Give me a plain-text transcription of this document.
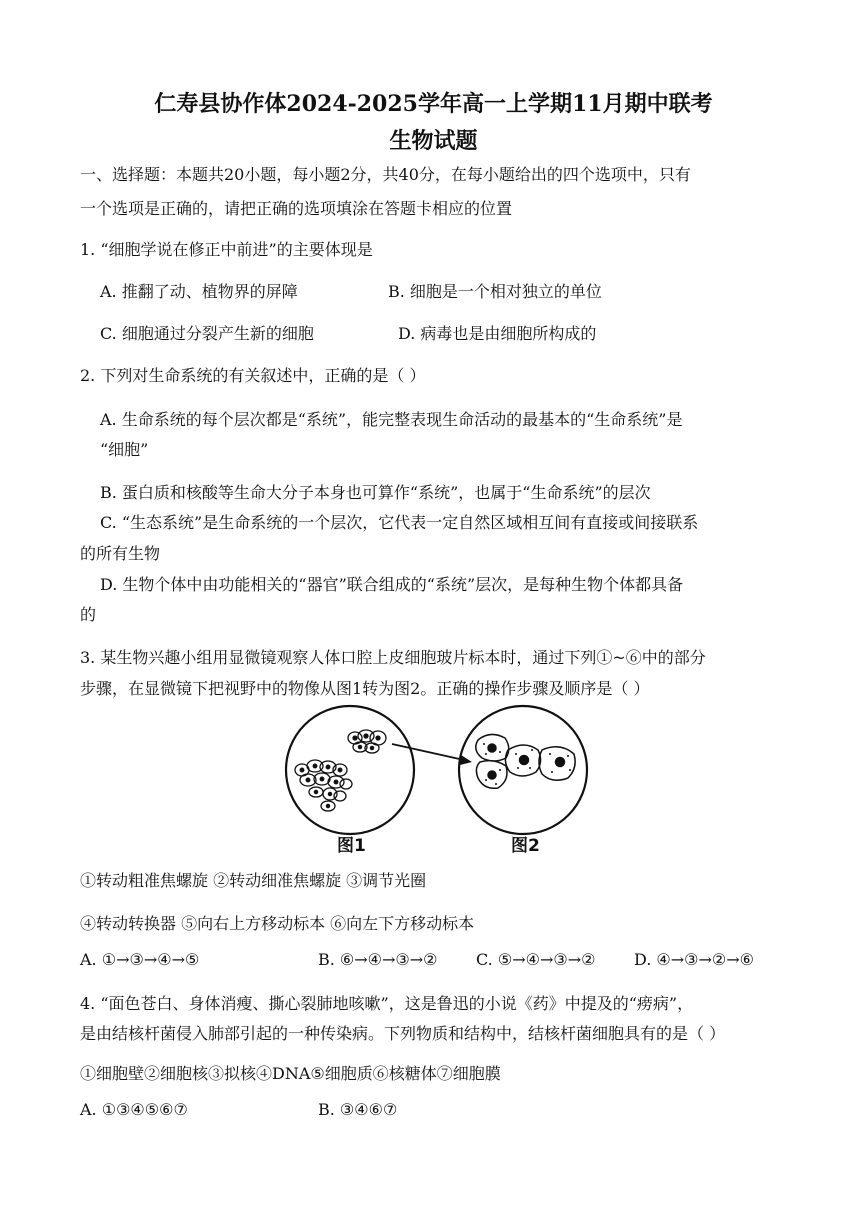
仁寿县协作体2024-2025学年高一上学期11月期中联考
生物试题
一、选择题：本题共20小题，每小题2分，共40分，在每小题给出的四个选项中，只有
一个选项是正确的，请把正确的选项填涂在答题卡相应的位置
1. “细胞学说在修正中前进”的主要体现是
A. 推翻了动、植物界的屏障	B. 细胞是一个相对独立的单位
C. 细胞通过分裂产生新的细胞	D. 病毒也是由细胞所构成的
2. 下列对生命系统的有关叙述中，正确的是（ ）
A. 生命系统的每个层次都是“系统”，能完整表现生命活动的最基本的“生命系统”是
“细胞”
B. 蛋白质和核酸等生命大分子本身也可算作“系统”，也属于“生命系统”的层次
C. “生态系统”是生命系统的一个层次，它代表一定自然区域相互间有直接或间接联系
的所有生物
D. 生物个体中由功能相关的“器官”联合组成的“系统”层次，是每种生物个体都具备
的
3. 某生物兴趣小组用显微镜观察人体口腔上皮细胞玻片标本时，通过下列①~⑥中的部分
步骤，在显微镜下把视野中的物像从图1转为图2。正确的操作步骤及顺序是（ ）
图1	图2
①转动粗准焦螺旋 ②转动细准焦螺旋 ③调节光圈
④转动转换器 ⑤向右上方移动标本 ⑥向左下方移动标本
A. ①→③→④→⑤	B. ⑥→④→③→② C. ⑤→④→③→② D. ④→③→②→⑥
4. “面色苍白、身体消瘦、撕心裂肺地咳嗽”，这是鲁迅的小说《药》中提及的“痨病”，
是由结核杆菌侵入肺部引起的一种传染病。下列物质和结构中，结核杆菌细胞具有的是（ ）
①细胞壁②细胞核③拟核④DNA⑤细胞质⑥核糖体⑦细胞膜
A. ①③④⑤⑥⑦	B. ③④⑥⑦
